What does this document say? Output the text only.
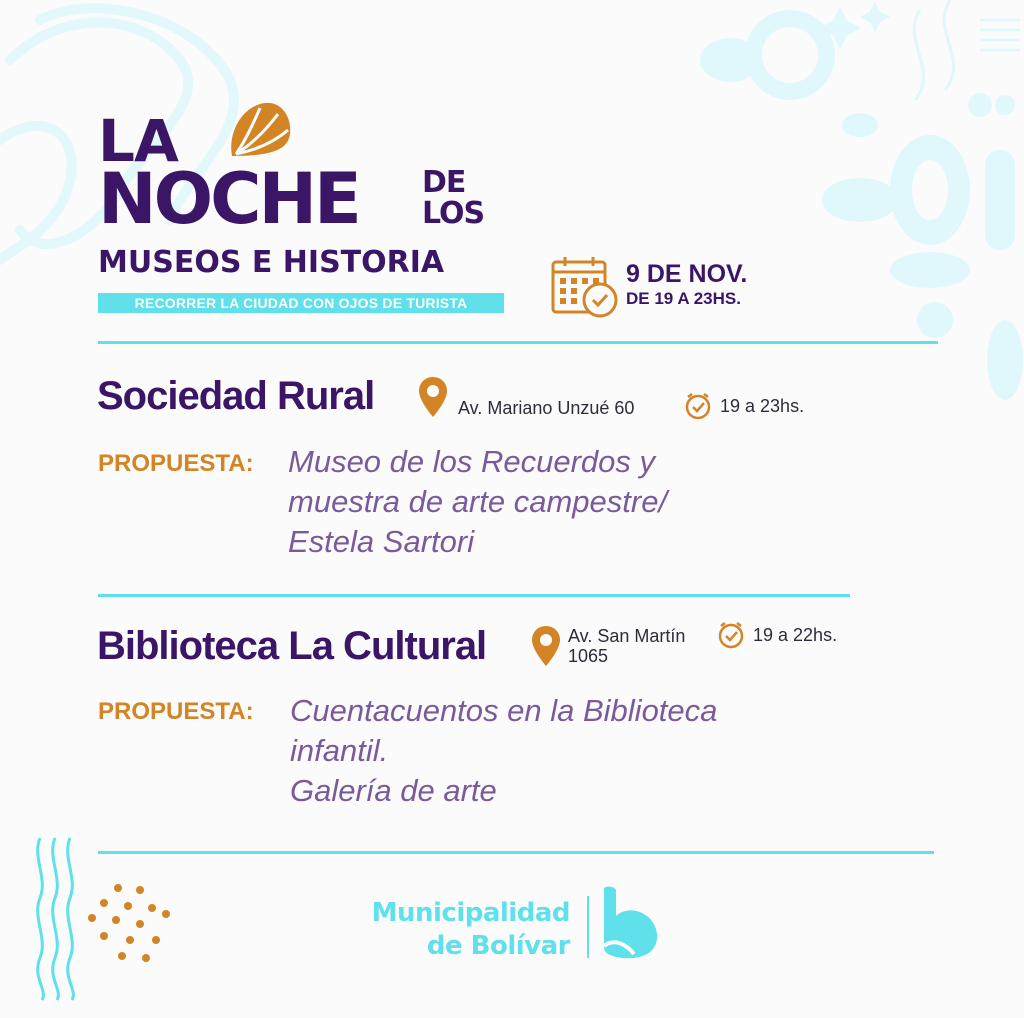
LA
NOCHE DE
LOS
MUSEOS E HISTORIA
RECORRER LA CIUDAD CON OJOS DE TURISTA
9 DE NOV.
DE 19 A 23HS.
Sociedad Rural	Av. Mariano Unzué 60	19 a 23hs.
PROPUESTA: Museo de los Recuerdos y
muestra de arte campestre/
Estela Sartori
Biblioteca La Cultural	Av. San Martín
1065
19 a 22hs.
PROPUESTA: Cuentacuentos en la Biblioteca
infantil.
Galería de arte
Municipalidad
de Bolívar
